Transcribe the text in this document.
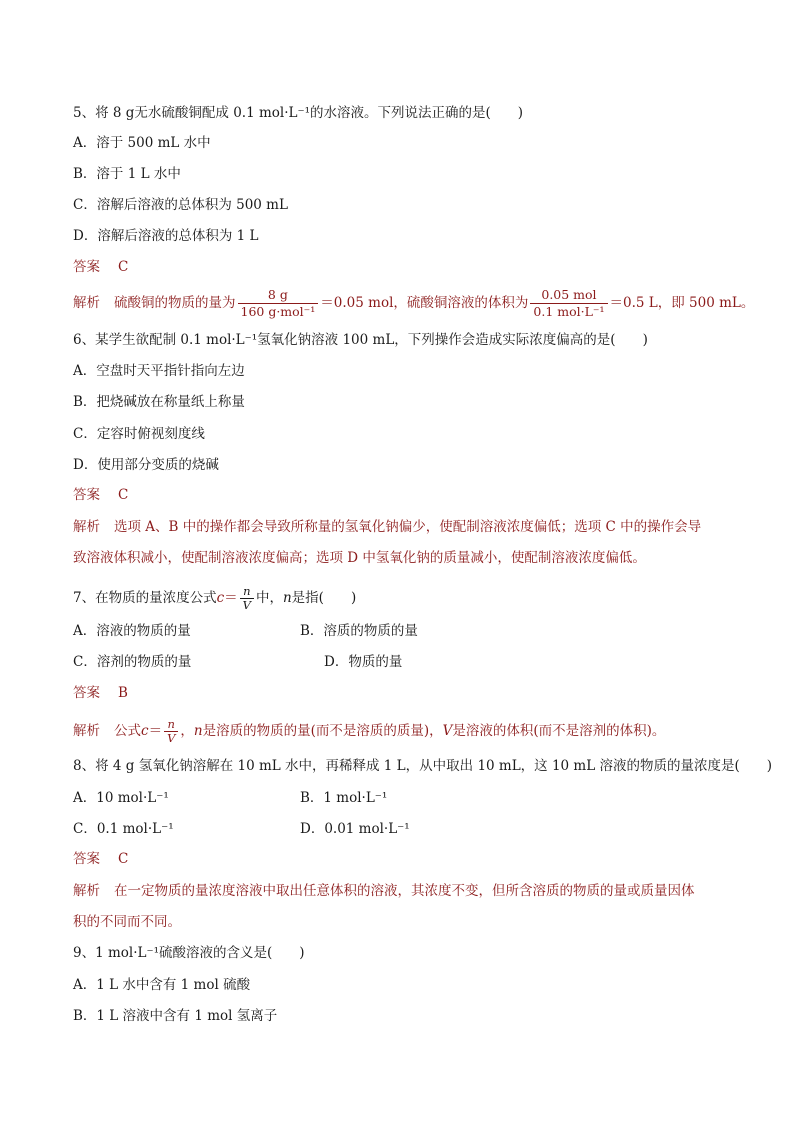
5、将 8 g无水硫酸铜配成 0.1 mol·L⁻¹的水溶液。下列说法正确的是(　　)
A．溶于 500 mL 水中
B．溶于 1 L 水中
C．溶解后溶液的总体积为 500 mL
D．溶解后溶液的总体积为 1 L
答案 C
解析 硫酸铜的物质的量为 $\frac{8 g}{\text{160 g·mol⁻¹}} =0.05$ mol，硫酸铜溶液的体积为 $\frac{\text{0.05 mol}}{\text{0.1 mol·L⁻¹}} =0.5$ L，即 500 mL。
6、某学生欲配制 0.1 mol·L⁻¹氢氧化钠溶液 100 mL，下列操作会造成实际浓度偏高的是(　　)
A．空盘时天平指针指向左边
B．把烧碱放在称量纸上称量
C．定容时俯视刻度线
D．使用部分变质的烧碱
答案 C
解析 选项 A、B 中的操作都会导致所称量的氢氧化钠偏少，使配制溶液浓度偏低；选项 C 中的操作会导
致溶液体积减小，使配制溶液浓度偏高；选项 D 中氢氧化钠的质量减小，使配制溶液浓度偏低。
7、在物质的量浓度公式$c= \frac{n}{V}$ 中，n是指(　　)
A．溶液的物质的量	B．溶质的物质的量
C．溶剂的物质的量	D．物质的量
答案 B
解析 公式$c= \frac{n}{V}$ ，n是溶质的物质的量(而不是溶质的质量)，V是溶液的体积(而不是溶剂的体积)。
8、将 4 g 氢氧化钠溶解在 10 mL 水中，再稀释成 1 L，从中取出 10 mL，这 10 mL 溶液的物质的量浓度是(　　)
A．10 mol·L⁻¹	B．1 mol·L⁻¹
C．0.1 mol·L⁻¹	D．0.01 mol·L⁻¹
答案 C
解析 在一定物质的量浓度溶液中取出任意体积的溶液，其浓度不变，但所含溶质的物质的量或质量因体
积的不同而不同。
9、1 mol·L⁻¹硫酸溶液的含义是(　　)
A．1 L 水中含有 1 mol 硫酸
B．1 L 溶液中含有 1 mol 氢离子
